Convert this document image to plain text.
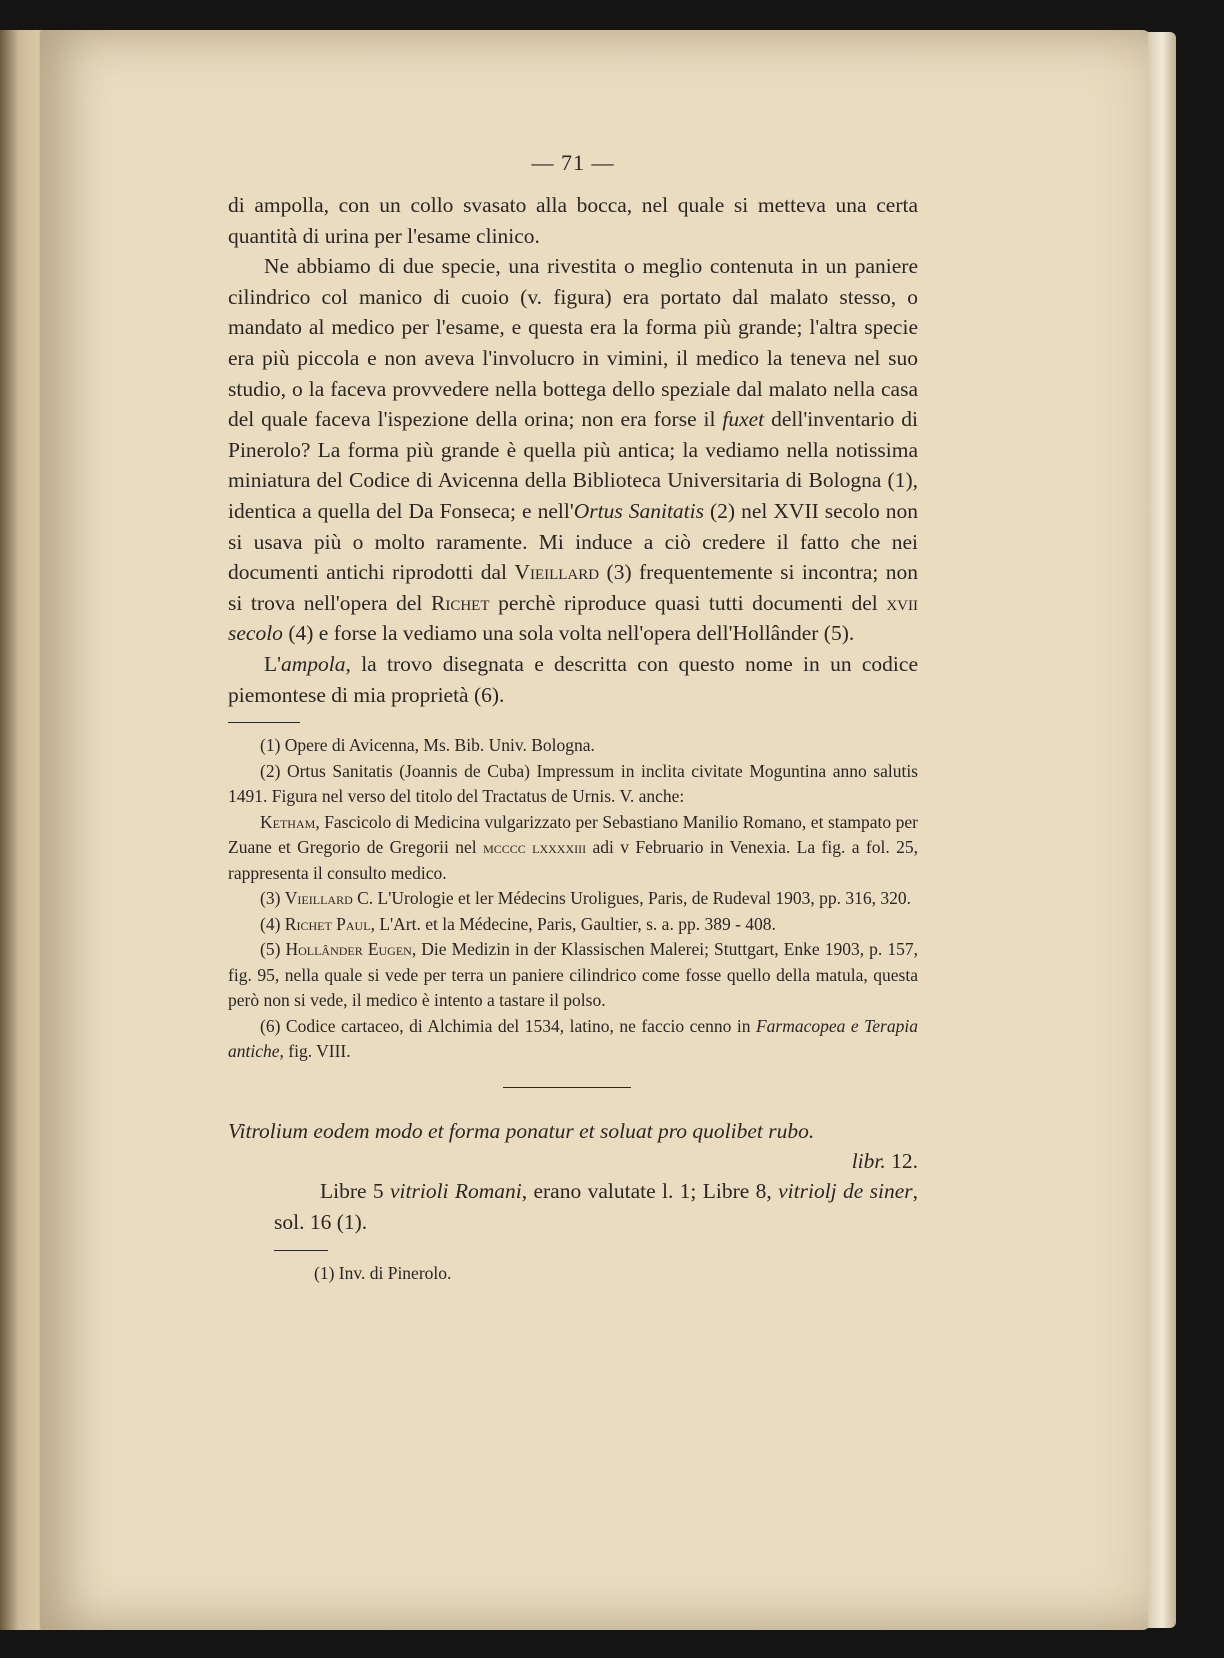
— 71 —

di ampolla, con un collo svasato alla bocca, nel quale si metteva una certa quantità di urina per l'esame clinico.

Ne abbiamo di due specie, una rivestita o meglio contenuta in un paniere cilindrico col manico di cuoio (v. figura) era portato dal malato stesso, o mandato al medico per l'esame, e questa era la forma più grande; l'altra specie era più piccola e non aveva l'involucro in vimini, il medico la teneva nel suo studio, o la faceva provvedere nella bottega dello speziale dal malato nella casa del quale faceva l'ispezione della orina; non era forse il fuxet dell'inventario di Pinerolo? La forma più grande è quella più antica; la vediamo nella notissima miniatura del Codice di Avicenna della Biblioteca Universitaria di Bologna (1), identica a quella del Da Fonseca; e nell'Ortus Sanitatis (2) nel XVII secolo non si usava più o molto raramente. Mi induce a ciò credere il fatto che nei documenti antichi riprodotti dal Vieillard (3) frequentemente si incontra; non si trova nell'opera del Richet perchè riproduce quasi tutti documenti del xvii secolo (4) e forse la vediamo una sola volta nell'opera dell'Hollânder (5).

L'ampola, la trovo disegnata e descritta con questo nome in un codice piemontese di mia proprietà (6).

(1) Opere di Avicenna, Ms. Bib. Univ. Bologna.

(2) Ortus Sanitatis (Joannis de Cuba) Impressum in inclita civitate Moguntina anno salutis 1491. Figura nel verso del titolo del Tractatus de Urnis. V. anche:

Ketham, Fascicolo di Medicina vulgarizzato per Sebastiano Manilio Romano, et stampato per Zuane et Gregorio de Gregorii nel mcccc lxxxxiii adi v Februario in Venexia. La fig. a fol. 25, rappresenta il consulto medico.

(3) Vieillard C. L'Urologie et ler Médecins Uroligues, Paris, de Rudeval 1903, pp. 316, 320.

(4) Richet Paul, L'Art. et la Médecine, Paris, Gaultier, s. a. pp. 389 - 408.

(5) Hollânder Eugen, Die Medizin in der Klassischen Malerei; Stuttgart, Enke 1903, p. 157, fig. 95, nella quale si vede per terra un paniere cilindrico come fosse quello della matula, questa però non si vede, il medico è intento a tastare il polso.

(6) Codice cartaceo, di Alchimia del 1534, latino, ne faccio cenno in Farmacopea e Terapia antiche, fig. VIII.

Vitrolium eodem modo et forma ponatur et soluat pro quolibet rubo.
libr. 12.

Libre 5 vitrioli Romani, erano valutate l. 1; Libre 8, vitriolj de siner, sol. 16 (1).

(1) Inv. di Pinerolo.
